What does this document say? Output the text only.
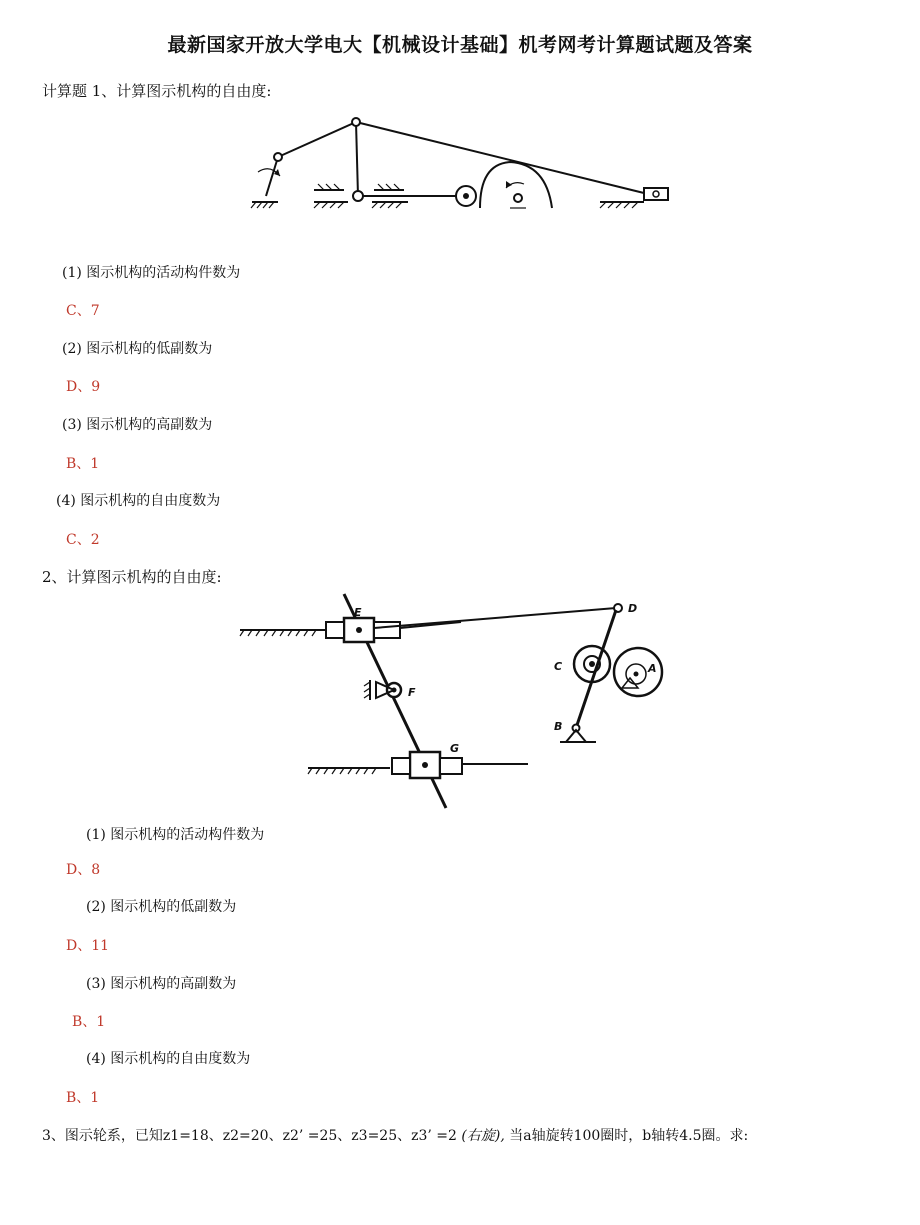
最新国家开放大学电大【机械设计基础】机考网考计算题试题及答案
计算题 1、计算图示机构的自由度:
(1) 图示机构的活动构件数为
C、7
(2) 图示机构的低副数为
D、9
(3) 图示机构的高副数为
B、1
(4) 图示机构的自由度数为
C、2
2、计算图示机构的自由度:
E	D
C	A
B
F
G
(1) 图示机构的活动构件数为
D、8
(2) 图示机构的低副数为
D、11
(3) 图示机构的高副数为
B、1
(4) 图示机构的自由度数为
B、1
3、图示轮系，已知z1=18、z2=20、z2’ =25、z3=25、z3’ =2 (右旋), 当a轴旋转100圈时，b轴转4.5圈。求:
